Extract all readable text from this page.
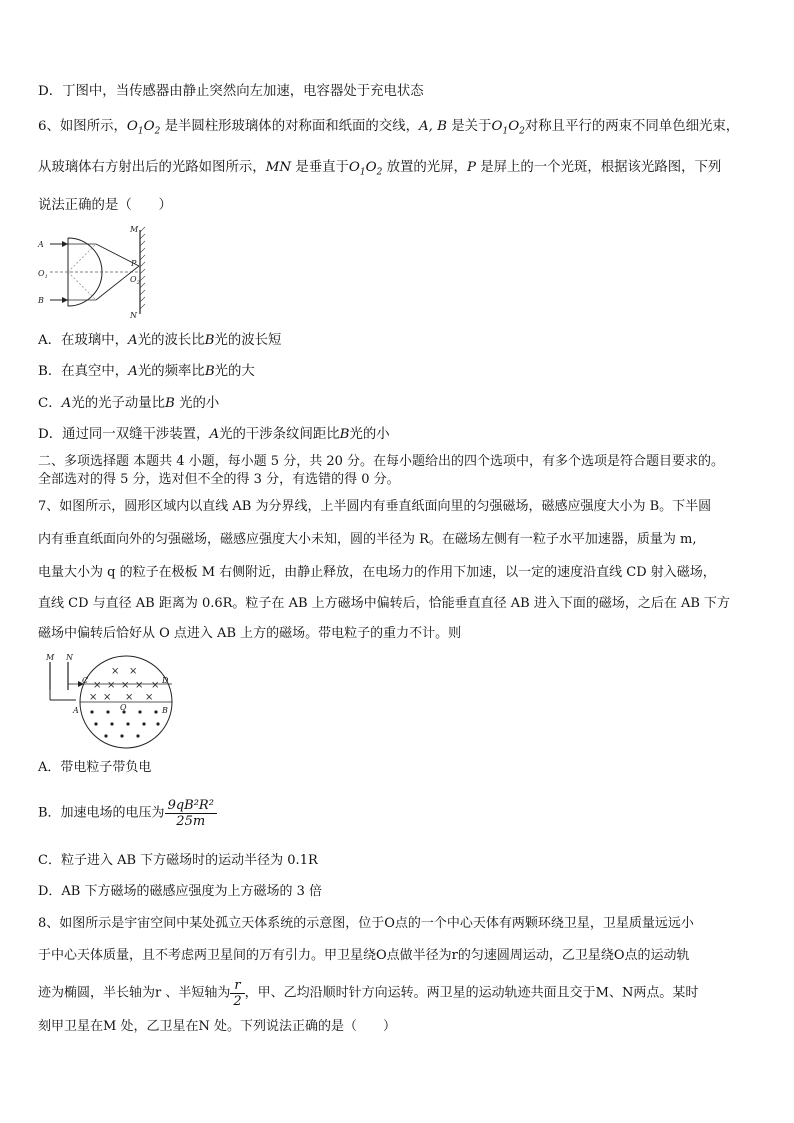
D．丁图中，当传感器由静止突然向左加速，电容器处于充电状态
6、如图所示，$O_1O_2$ 是半圆柱形玻璃体的对称面和纸面的交线，A, B 是关于$O_1O_2$对称且平行的两束不同单色细光束，
从玻璃体右方射出后的光路如图所示，MN 是垂直于$O_1O_2$ 放置的光屏，P 是屏上的一个光斑，根据该光路图，下列
说法正确的是（　　）
A
B
$O_1$	$O_2$
M
N
P
A．在玻璃中，A光的波长比B光的波长短
B．在真空中，A光的频率比B光的大
C．A光的光子动量比B 光的小
D．通过同一双缝干涉装置，A光的干涉条纹间距比B光的小
二、多项选择题 本题共 4 小题，每小题 5 分，共 20 分。在每小题给出的四个选项中，有多个选项是符合题目要求的。
全部选对的得 5 分，选对但不全的得 3 分，有选错的得 0 分。
7、如图所示，圆形区域内以直线 AB 为分界线，上半圆内有垂直纸面向里的匀强磁场，磁感应强度大小为 B。下半圆
内有垂直纸面向外的匀强磁场，磁感应强度大小未知，圆的半径为 R。在磁场左侧有一粒子水平加速器，质量为 m,
电量大小为 q 的粒子在极板 M 右侧附近，由静止释放，在电场力的作用下加速，以一定的速度沿直线 CD 射入磁场，
直线 CD 与直径 AB 距离为 0.6R。粒子在 AB 上方磁场中偏转后，恰能垂直直径 AB 进入下面的磁场，之后在 AB 下方
磁场中偏转后恰好从 O 点进入 AB 上方的磁场。带电粒子的重力不计。则
× ×
× × × × ×
× × × ×
M N
C	D
A	B
O
A．带电粒子带负电
B．加速电场的电压为 $\frac{\text{9qB²R²}}{25m}$
C．粒子进入 AB 下方磁场时的运动半径为 0.1R
D．AB 下方磁场的磁感应强度为上方磁场的 3 倍
8、如图所示是宇宙空间中某处孤立天体系统的示意图，位于O点的一个中心天体有两颗环绕卫星，卫星质量远远小
于中心天体质量，且不考虑两卫星间的万有引力。甲卫星绕O点做半径为r的匀速圆周运动，乙卫星绕O点的运动轨
迹为椭圆，半长轴为r 、半短轴为 $\frac{r}{2}$ ，甲、乙均沿顺时针方向运转。两卫星的运动轨迹共面且交于M、N两点。某时
刻甲卫星在M 处，乙卫星在N 处。下列说法正确的是（　　）
